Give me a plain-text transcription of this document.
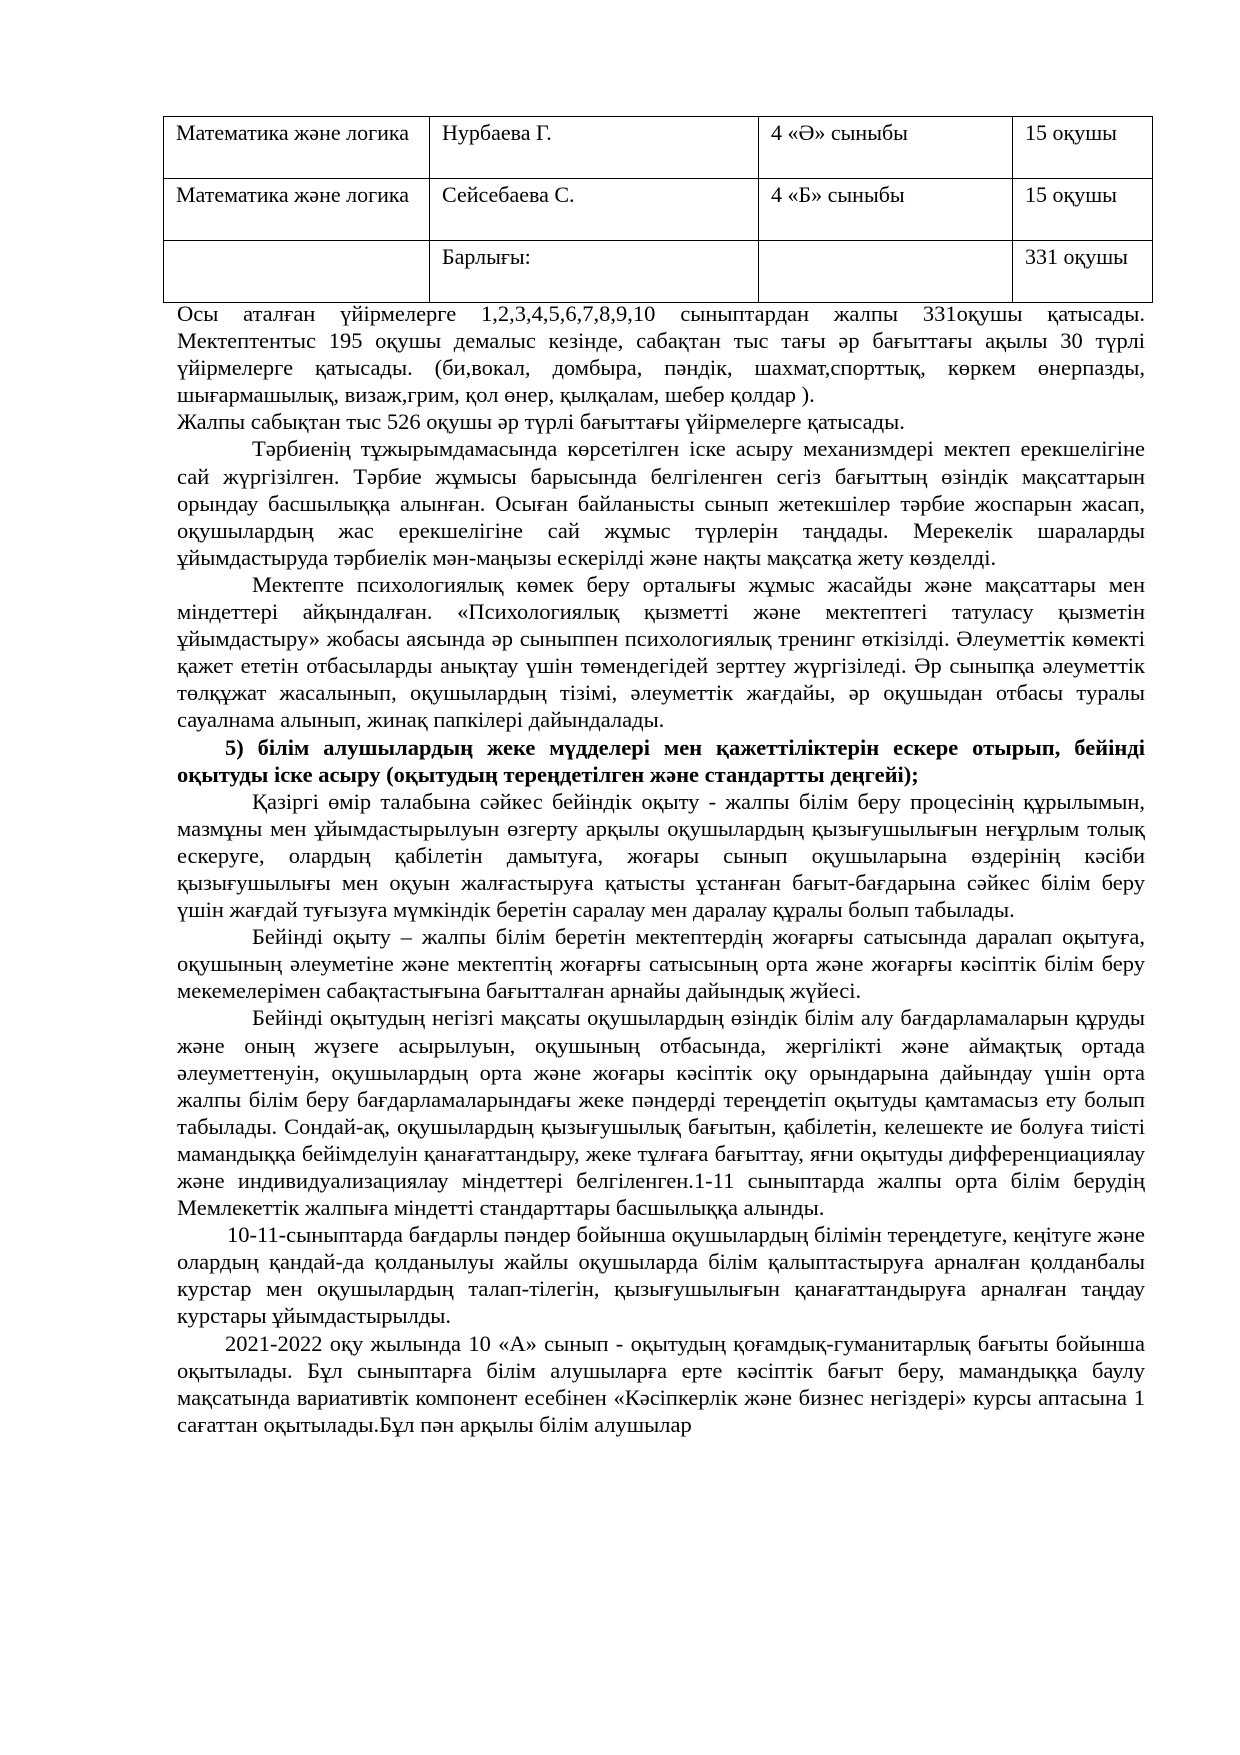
Математика және логика	Нурбаева Г.	4 «Ә» сыныбы	15 оқушы
Математика және логика	Сейсебаева С.	4 «Б» сыныбы	15 оқушы
	Барлығы:		331 оқушы

Осы аталған үйірмелерге 1,2,3,4,5,6,7,8,9,10 сыныптардан жалпы 331оқушы қатысады. Мектептентыс 195 оқушы демалыс кезінде, сабақтан тыс тағы әр бағыттағы ақылы 30 түрлі үйірмелерге қатысады. (би,вокал, домбыра, пәндік, шахмат,спорттық, көркем өнерпазды, шығармашылық, визаж,грим, қол өнер, қылқалам, шебер қолдар ).

Жалпы сабықтан тыс 526 оқушы әр түрлі бағыттағы үйірмелерге қатысады.

Тәрбиенің тұжырымдамасында көрсетілген іске асыру механизмдері мектеп ерекшелігіне сай жүргізілген. Тәрбие жұмысы барысында белгіленген сегіз бағыттың өзіндік мақсаттарын орындау басшылыққа алынған. Осыған байланысты сынып жетекшілер тәрбие жоспарын жасап, оқушылардың жас ерекшелігіне сай жұмыс түрлерін таңдады. Мерекелік шараларды ұйымдастыруда тәрбиелік мән-маңызы ескерілді және нақты мақсатқа жету көзделді.

Мектепте психологиялық көмек беру орталығы жұмыс жасайды және мақсаттары мен міндеттері айқындалған. «Психологиялық қызметті және мектептегі татуласу қызметін ұйымдастыру» жобасы аясында әр сыныппен психологиялық тренинг өткізілді. Әлеуметтік көмекті қажет ететін отбасыларды анықтау үшін төмендегідей зерттеу жүргізіледі. Әр сыныпқа әлеуметтік төлқұжат жасалынып, оқушылардың тізімі, әлеуметтік жағдайы, әр оқушыдан отбасы туралы сауалнама алынып, жинақ папкілері дайындалады.

5) білім алушылардың жеке мүдделері мен қажеттіліктерін ескере отырып, бейінді оқытуды іске асыру (оқытудың тереңдетілген және стандартты деңгейі);

Қазіргі өмір талабына сәйкес бейіндік оқыту - жалпы білім беру процесінің құрылымын, мазмұны мен ұйымдастырылуын өзгерту арқылы оқушылардың қызығушылығын неғұрлым толық ескеруге, олардың қабілетін дамытуға, жоғары сынып оқушыларына өздерінің кәсіби қызығушылығы мен оқуын жалғастыруға қатысты ұстанған бағыт-бағдарына сәйкес білім беру үшін жағдай туғызуға мүмкіндік беретін саралау мен даралау құралы болып табылады.

Бейінді оқыту – жалпы білім беретін мектептердің жоғарғы сатысында даралап оқытуға, оқушының әлеуметіне және мектептің жоғарғы сатысының орта және жоғарғы кәсіптік білім беру мекемелерімен сабақтастығына бағытталған арнайы дайындық жүйесі.

Бейінді оқытудың негізгі мақсаты оқушылардың өзіндік білім алу бағдарламаларын құруды және оның жүзеге асырылуын, оқушының отбасында, жергілікті және аймақтық ортада әлеуметтенуін, оқушылардың орта және жоғары кәсіптік оқу орындарына дайындау үшін орта жалпы білім беру бағдарламаларындағы жеке пәндерді тереңдетіп оқытуды қамтамасыз ету болып табылады. Сондай-ақ, оқушылардың қызығушылық бағытын, қабілетін, келешекте ие болуға тиісті мамандыққа бейімделуін қанағаттандыру, жеке тұлғаға бағыттау, яғни оқытуды дифференциациялау және индивидуализациялау міндеттері белгіленген.1-11 сыныптарда жалпы орта білім берудің Мемлекеттік жалпыға міндетті стандарттары басшылыққа алынды.

10-11-сыныптарда бағдарлы пәндер бойынша оқушылардың білімін тереңдетуге, кеңітуге және олардың қандай-да қолданылуы жайлы оқушыларда білім қалыптастыруға арналған қолданбалы курстар мен оқушылардың талап-тілегін, қызығушылығын қанағаттандыруға арналған таңдау курстары ұйымдастырылды.

2021-2022 оқу жылында 10 «А» сынып - оқытудың қоғамдық-гуманитарлық бағыты бойынша оқытылады. Бұл сыныптарға білім алушыларға ерте кәсіптік бағыт беру, мамандыққа баулу мақсатында вариативтік компонент есебінен «Кәсіпкерлік және бизнес негіздері» курсы аптасына 1 сағаттан оқытылады.Бұл пән арқылы білім алушылар
